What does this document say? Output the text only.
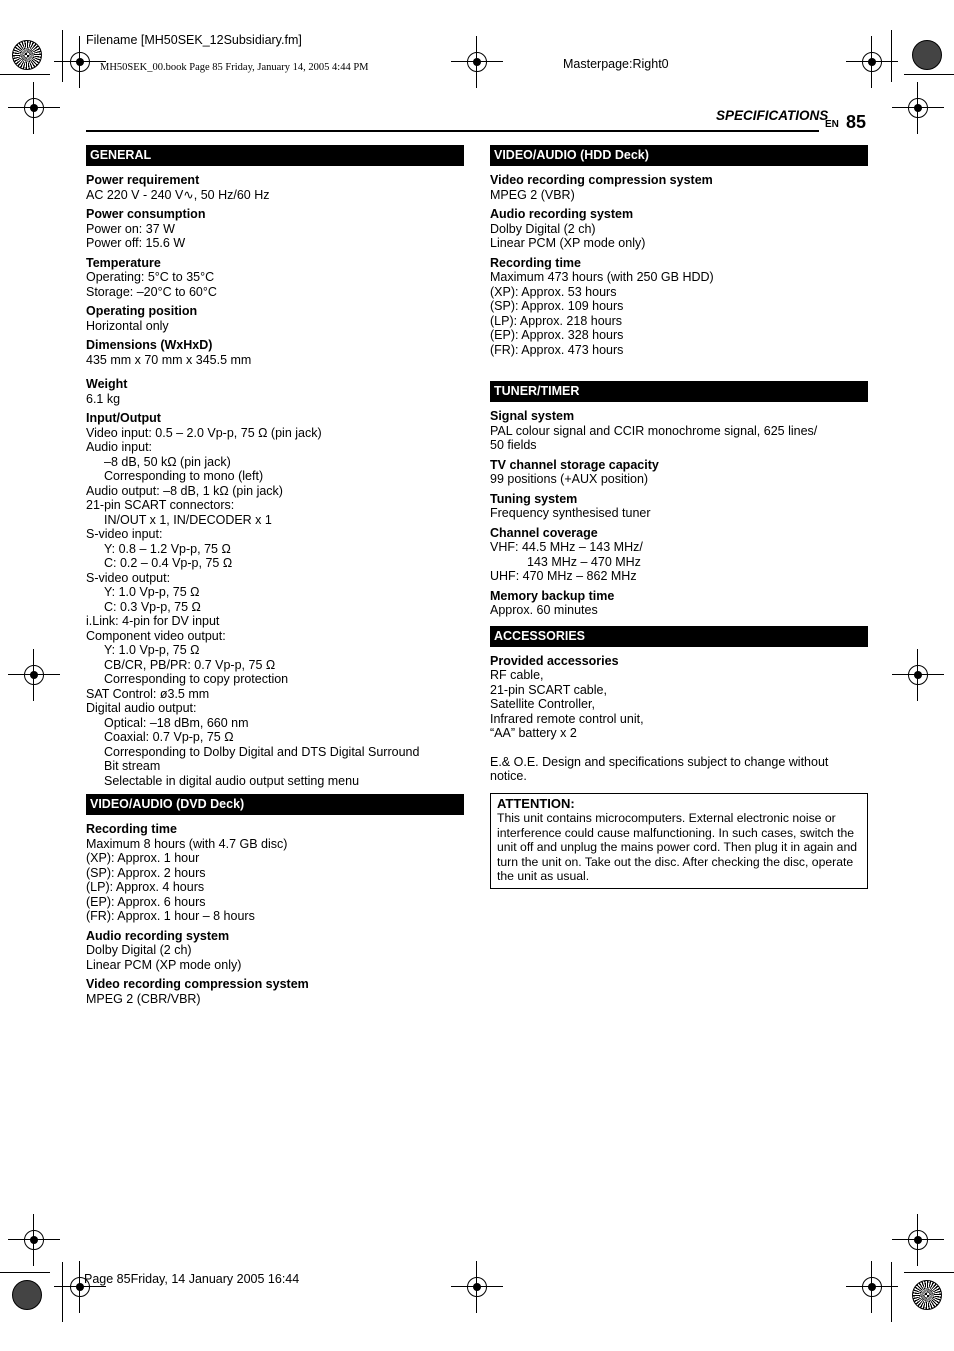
Filename [MH50SEK_12Subsidiary.fm]
MH50SEK_00.book Page 85 Friday, January 14, 2005 4:44 PM	Masterpage:Right0
Page 85Friday, 14 January 2005 16:44
SPECIFICATIONS
EN 85
GENERAL
Power requirement
AC 220 V - 240 V∿, 50 Hz/60 Hz
Power consumption
Power on: 37 W
Power off: 15.6 W
Temperature
Operating: 5°C to 35°C
Storage: –20°C to 60°C
Operating position
Horizontal only
Dimensions (WxHxD)
435 mm x 70 mm x 345.5 mm
Weight
6.1 kg
Input/Output
Video input: 0.5 – 2.0 Vp-p, 75 Ω (pin jack)
Audio input:
–8 dB, 50 kΩ (pin jack)
Corresponding to mono (left)
Audio output: –8 dB, 1 kΩ (pin jack)
21-pin SCART connectors:
IN/OUT x 1, IN/DECODER x 1
S-video input:
Y: 0.8 – 1.2 Vp-p, 75 Ω
C: 0.2 – 0.4 Vp-p, 75 Ω
S-video output:
Y: 1.0 Vp-p, 75 Ω
C: 0.3 Vp-p, 75 Ω
i.Link: 4-pin for DV input
Component video output:
Y: 1.0 Vp-p, 75 Ω
CB/CR, PB/PR: 0.7 Vp-p, 75 Ω
Corresponding to copy protection
SAT Control: ø3.5 mm
Digital audio output:
Optical: –18 dBm, 660 nm
Coaxial: 0.7 Vp-p, 75 Ω
Corresponding to Dolby Digital and DTS Digital Surround
Bit stream
Selectable in digital audio output setting menu
VIDEO/AUDIO (DVD Deck)
Recording time
Maximum 8 hours (with 4.7 GB disc)
(XP): Approx. 1 hour
(SP): Approx. 2 hours
(LP): Approx. 4 hours
(EP): Approx. 6 hours
(FR): Approx. 1 hour – 8 hours
Audio recording system
Dolby Digital (2 ch)
Linear PCM (XP mode only)
Video recording compression system
MPEG 2 (CBR/VBR)
VIDEO/AUDIO (HDD Deck)
Video recording compression system
MPEG 2 (VBR)
Audio recording system
Dolby Digital (2 ch)
Linear PCM (XP mode only)
Recording time
Maximum 473 hours (with 250 GB HDD)
(XP): Approx. 53 hours
(SP): Approx. 109 hours
(LP): Approx. 218 hours
(EP): Approx. 328 hours
(FR): Approx. 473 hours
TUNER/TIMER
Signal system
PAL colour signal and CCIR monochrome signal, 625 lines/
50 fields
TV channel storage capacity
99 positions (+AUX position)
Tuning system
Frequency synthesised tuner
Channel coverage
VHF: 44.5 MHz – 143 MHz/
143 MHz – 470 MHz
UHF: 470 MHz – 862 MHz
Memory backup time
Approx. 60 minutes
ACCESSORIES
Provided accessories
RF cable,
21-pin SCART cable,
Satellite Controller,
Infrared remote control unit,
“AA” battery x 2
E.& O.E. Design and specifications subject to change without notice.
ATTENTION:
This unit contains microcomputers. External electronic noise or interference could cause malfunctioning. In such cases, switch the unit off and unplug the mains power cord. Then plug it in again and turn the unit on. Take out the disc. After checking the disc, operate the unit as usual.
